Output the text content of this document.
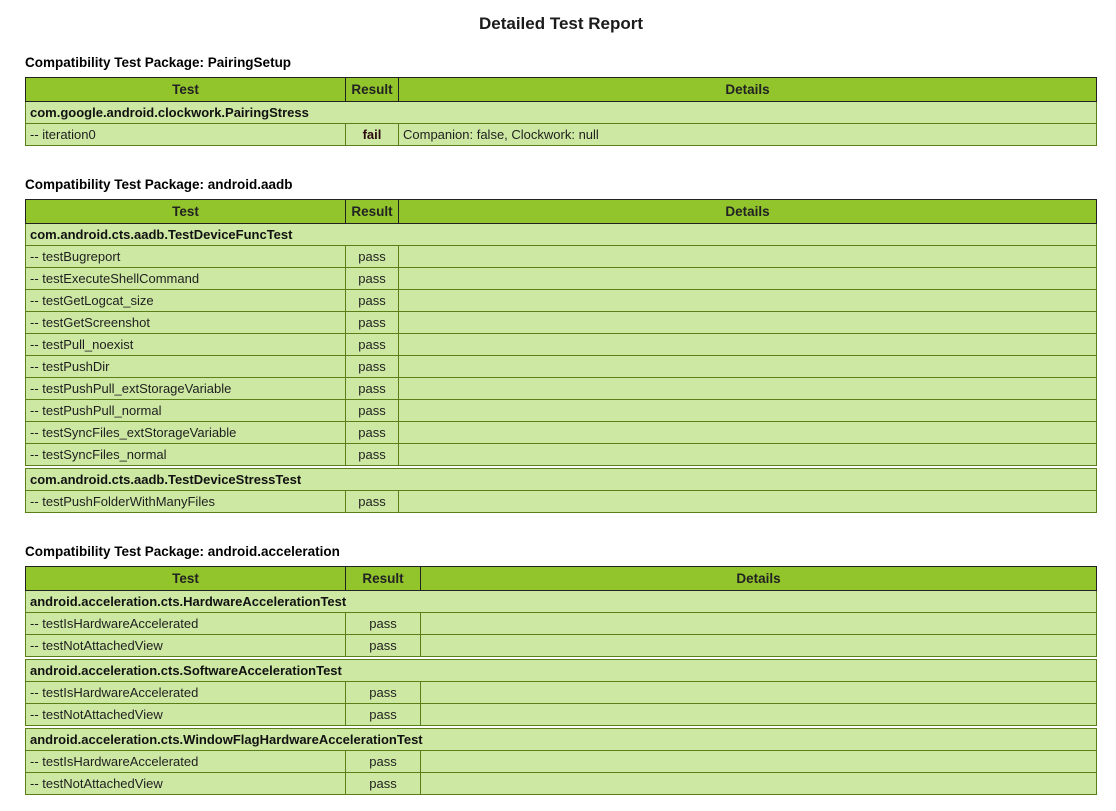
Detailed Test Report
Compatibility Test Package: PairingSetup
Test	Result	Details
com.google.android.clockwork.PairingStress		
-- iteration0	fail	Companion: false, Clockwork: null
Compatibility Test Package: android.aadb
Test	Result	Details
com.android.cts.aadb.TestDeviceFuncTest		
-- testBugreport	pass	
-- testExecuteShellCommand	pass	
-- testGetLogcat_size	pass	
-- testGetScreenshot	pass	
-- testPull_noexist	pass	
-- testPushDir	pass	
-- testPushPull_extStorageVariable	pass	
-- testPushPull_normal	pass	
-- testSyncFiles_extStorageVariable	pass	
-- testSyncFiles_normal	pass	
com.android.cts.aadb.TestDeviceStressTest
-- testPushFolderWithManyFiles	pass	
Compatibility Test Package: android.acceleration
Test	Result	Details
android.acceleration.cts.HardwareAccelerationTest		
-- testIsHardwareAccelerated	pass	
-- testNotAttachedView	pass	
android.acceleration.cts.SoftwareAccelerationTest		
-- testIsHardwareAccelerated	pass	
-- testNotAttachedView	pass	
android.acceleration.cts.WindowFlagHardwareAccelerationTest		
-- testIsHardwareAccelerated	pass	
-- testNotAttachedView	pass	
